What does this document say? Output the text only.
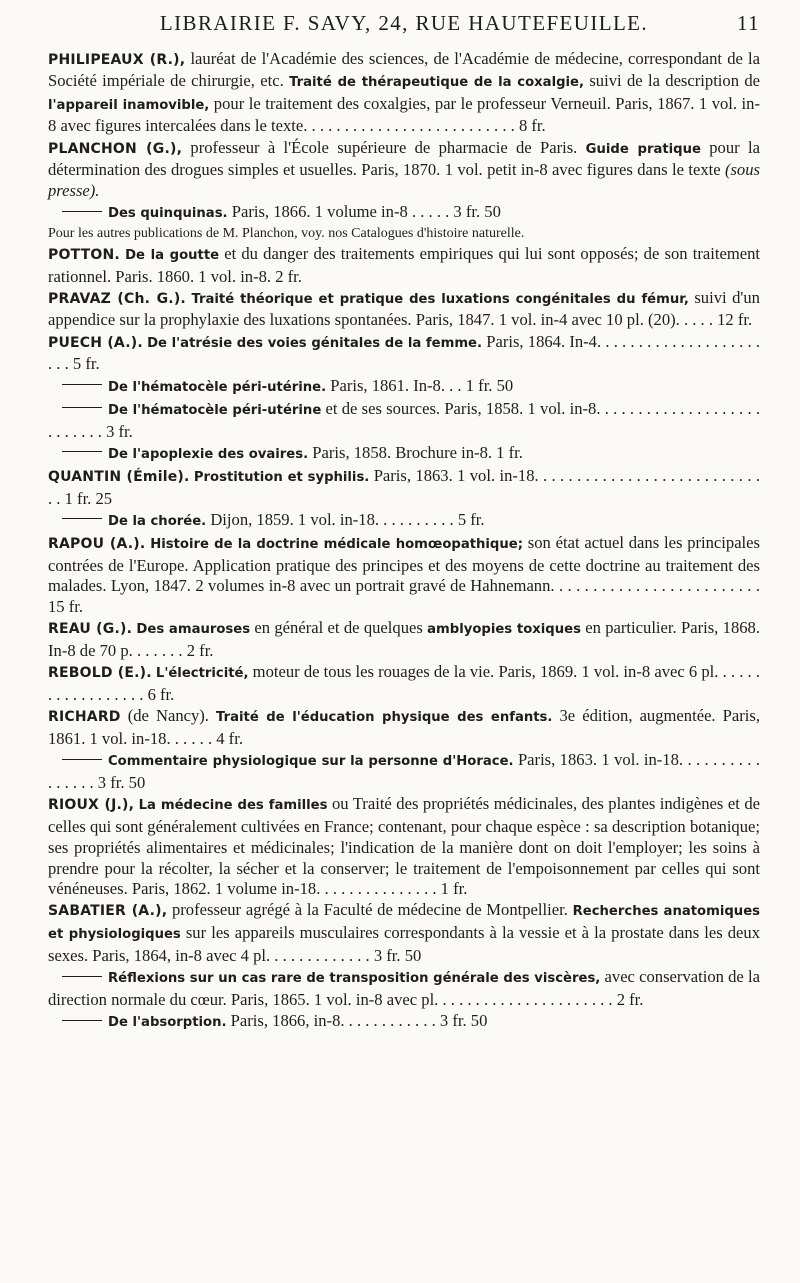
LIBRAIRIE F. SAVY, 24, RUE HAUTEFEUILLE.	11
PHILIPEAUX (R.), lauréat de l'Académie des sciences, de l'Académie de médecine, correspondant de la Société impériale de chirurgie, etc. Traité de thérapeutique de la coxalgie, suivi de la description de l'appareil inamovible, pour le traitement des coxalgies, par le professeur Verneuil. Paris, 1867. 1 vol. in-8 avec figures intercalées dans le texte. . . . . . . . . . . . . . . . . . . . . . . . . . 8 fr.
PLANCHON (G.), professeur à l'École supérieure de pharmacie de Paris. Guide pratique pour la détermination des drogues simples et usuelles. Paris, 1870. 1 vol. petit in-8 avec figures dans le texte (sous presse).
Des quinquinas. Paris, 1866. 1 volume in-8 . . . . . 3 fr. 50
Pour les autres publications de M. Planchon, voy. nos Catalogues d'histoire naturelle.
POTTON. De la goutte et du danger des traitements empiriques qui lui sont opposés; de son traitement rationnel. Paris. 1860. 1 vol. in-8. 2 fr.
PRAVAZ (Ch. G.). Traité théorique et pratique des luxations congénitales du fémur, suivi d'un appendice sur la prophylaxie des luxations spontanées. Paris, 1847. 1 vol. in-4 avec 10 pl. (20). . . . . 12 fr.
PUECH (A.). De l'atrésie des voies génitales de la femme. Paris, 1864. In-4. . . . . . . . . . . . . . . . . . . . . . . 5 fr.
De l'hématocèle péri-utérine. Paris, 1861. In-8. . . 1 fr. 50
De l'hématocèle péri-utérine et de ses sources. Paris, 1858. 1 vol. in-8. . . . . . . . . . . . . . . . . . . . . . . . . . . 3 fr.
De l'apoplexie des ovaires. Paris, 1858. Brochure in-8. 1 fr.
QUANTIN (Émile). Prostitution et syphilis. Paris, 1863. 1 vol. in-18. . . . . . . . . . . . . . . . . . . . . . . . . . . . . 1 fr. 25
De la chorée. Dijon, 1859. 1 vol. in-18. . . . . . . . . . 5 fr.
RAPOU (A.). Histoire de la doctrine médicale homœopathique; son état actuel dans les principales contrées de l'Europe. Application pratique des principes et des moyens de cette doctrine au traitement des malades. Lyon, 1847. 2 volumes in-8 avec un portrait gravé de Hahnemann. . . . . . . . . . . . . . . . . . . . . . . . . 15 fr.
REAU (G.). Des amauroses en général et de quelques amblyopies toxiques en particulier. Paris, 1868. In-8 de 70 p. . . . . . . 2 fr.
REBOLD (E.). L'électricité, moteur de tous les rouages de la vie. Paris, 1869. 1 vol. in-8 avec 6 pl. . . . . . . . . . . . . . . . . . 6 fr.
RICHARD (de Nancy). Traité de l'éducation physique des enfants. 3e édition, augmentée. Paris, 1861. 1 vol. in-18. . . . . . 4 fr.
Commentaire physiologique sur la personne d'Horace. Paris, 1863. 1 vol. in-18. . . . . . . . . . . . . . . . 3 fr. 50
RIOUX (J.), La médecine des familles ou Traité des propriétés médicinales, des plantes indigènes et de celles qui sont généralement cultivées en France; contenant, pour chaque espèce : sa description botanique; ses propriétés alimentaires et médicinales; l'indication de la manière dont on doit l'employer; les soins à prendre pour la récolter, la sécher et la conserver; le traitement de l'empoisonnement par celles qui sont vénéneuses. Paris, 1862. 1 volume in-18. . . . . . . . . . . . . . . 1 fr.
SABATIER (A.), professeur agrégé à la Faculté de médecine de Montpellier. Recherches anatomiques et physiologiques sur les appareils musculaires correspondants à la vessie et à la prostate dans les deux sexes. Paris, 1864, in-8 avec 4 pl. . . . . . . . . . . . . 3 fr. 50
Réflexions sur un cas rare de transposition générale des viscères, avec conservation de la direction normale du cœur. Paris, 1865. 1 vol. in-8 avec pl. . . . . . . . . . . . . . . . . . . . . . 2 fr.
De l'absorption. Paris, 1866, in-8. . . . . . . . . . . . 3 fr. 50
